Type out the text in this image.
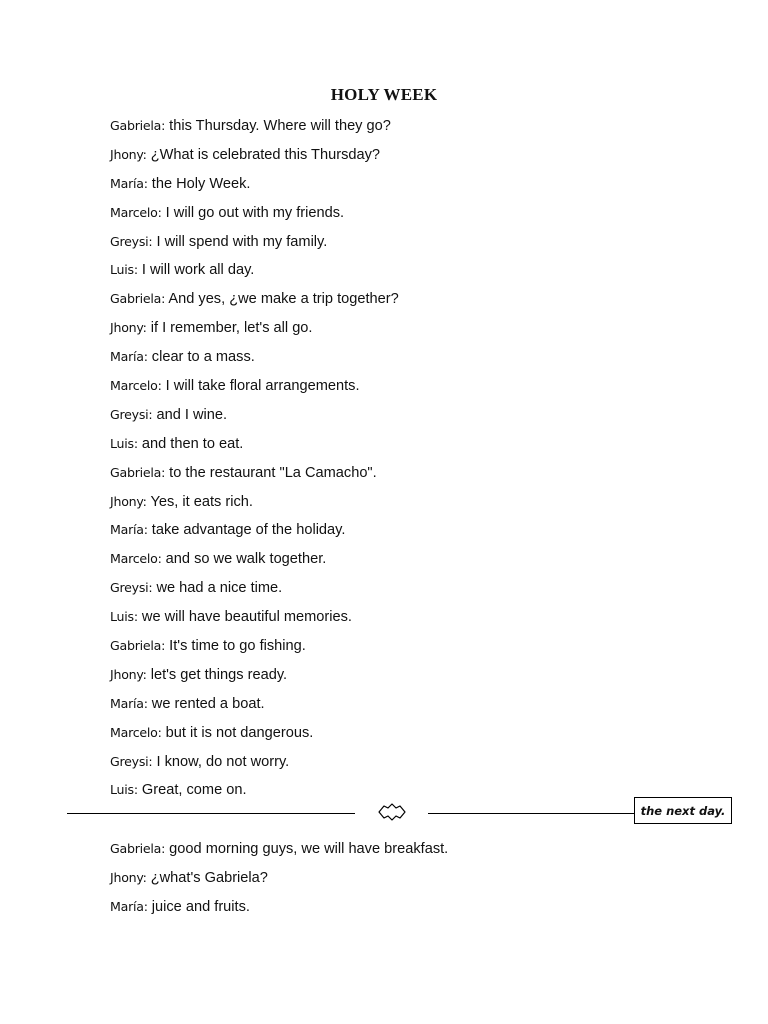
HOLY WEEK
Gabriela: this Thursday. Where will they go?
Jhony: ¿What is celebrated this Thursday?
María: the Holy Week.
Marcelo: I will go out with my friends.
Greysi: I will spend with my family.
Luis: I will work all day.
Gabriela: And yes, ¿we make a trip together?
Jhony: if I remember, let's all go.
María: clear to a mass.
Marcelo: I will take floral arrangements.
Greysi: and I wine.
Luis: and then to eat.
Gabriela: to the restaurant "La Camacho".
Jhony: Yes, it eats rich.
María: take advantage of the holiday.
Marcelo: and so we walk together.
Greysi: we had a nice time.
Luis: we will have beautiful memories.
Gabriela: It's time to go fishing.
Jhony: let's get things ready.
María: we rented a boat.
Marcelo: but it is not dangerous.
Greysi: I know, do not worry.
Luis: Great, come on.
the next day.
Gabriela: good morning guys, we will have breakfast.
Jhony: ¿what's Gabriela?
María: juice and fruits.
